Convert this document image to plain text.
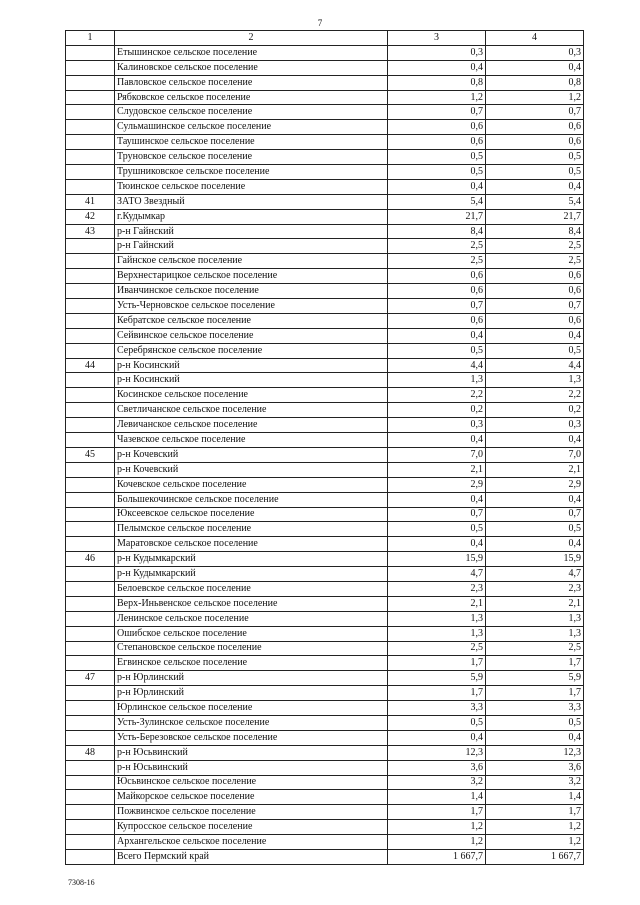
7
1	2	3	4
	Етышинское сельское поселение	0,3	0,3
	Калиновское сельское поселение	0,4	0,4
	Павловское сельское поселение	0,8	0,8
	Рябковское сельское поселение	1,2	1,2
	Слудовское сельское поселение	0,7	0,7
	Сульмашинское сельское поселение	0,6	0,6
	Таушинское сельское поселение	0,6	0,6
	Труновское сельское поселение	0,5	0,5
	Трушниковское сельское поселение	0,5	0,5
	Тюинское сельское поселение	0,4	0,4
41	ЗАТО Звездный	5,4	5,4
42	г.Кудымкар	21,7	21,7
43	р-н Гайнский	8,4	8,4
	р-н Гайнский	2,5	2,5
	Гайнское сельское поселение	2,5	2,5
	Верхнестарицкое сельское поселение	0,6	0,6
	Иванчинское сельское поселение	0,6	0,6
	Усть-Черновское сельское поселение	0,7	0,7
	Кебратское сельское поселение	0,6	0,6
	Сейвинское сельское поселение	0,4	0,4
	Серебрянское сельское поселение	0,5	0,5
44	р-н Косинский	4,4	4,4
	р-н Косинский	1,3	1,3
	Косинское сельское поселение	2,2	2,2
	Светличанское сельское поселение	0,2	0,2
	Левичанское сельское поселение	0,3	0,3
	Чазевское сельское поселение	0,4	0,4
45	р-н Кочевский	7,0	7,0
	р-н Кочевский	2,1	2,1
	Кочевское сельское поселение	2,9	2,9
	Большекочинское сельское поселение	0,4	0,4
	Юксеевское сельское поселение	0,7	0,7
	Пелымское сельское поселение	0,5	0,5
	Маратовское сельское поселение	0,4	0,4
46	р-н Кудымкарский	15,9	15,9
	р-н Кудымкарский	4,7	4,7
	Белоевское сельское поселение	2,3	2,3
	Верх-Иньвенское сельское поселение	2,1	2,1
	Ленинское сельское поселение	1,3	1,3
	Ошибское сельское поселение	1,3	1,3
	Степановское сельское поселение	2,5	2,5
	Егвинское сельское поселение	1,7	1,7
47	р-н Юрлинский	5,9	5,9
	р-н Юрлинский	1,7	1,7
	Юрлинское сельское поселение	3,3	3,3
	Усть-Зулинское сельское поселение	0,5	0,5
	Усть-Березовское сельское поселение	0,4	0,4
48	р-н Юсьвинский	12,3	12,3
	р-н Юсьвинский	3,6	3,6
	Юсьвинское сельское поселение	3,2	3,2
	Майкорское сельское поселение	1,4	1,4
	Пожвинское сельское поселение	1,7	1,7
	Купросское сельское поселение	1,2	1,2
	Архангельское сельское поселение	1,2	1,2
	Всего Пермский край	1 667,7	1 667,7
7308-16
